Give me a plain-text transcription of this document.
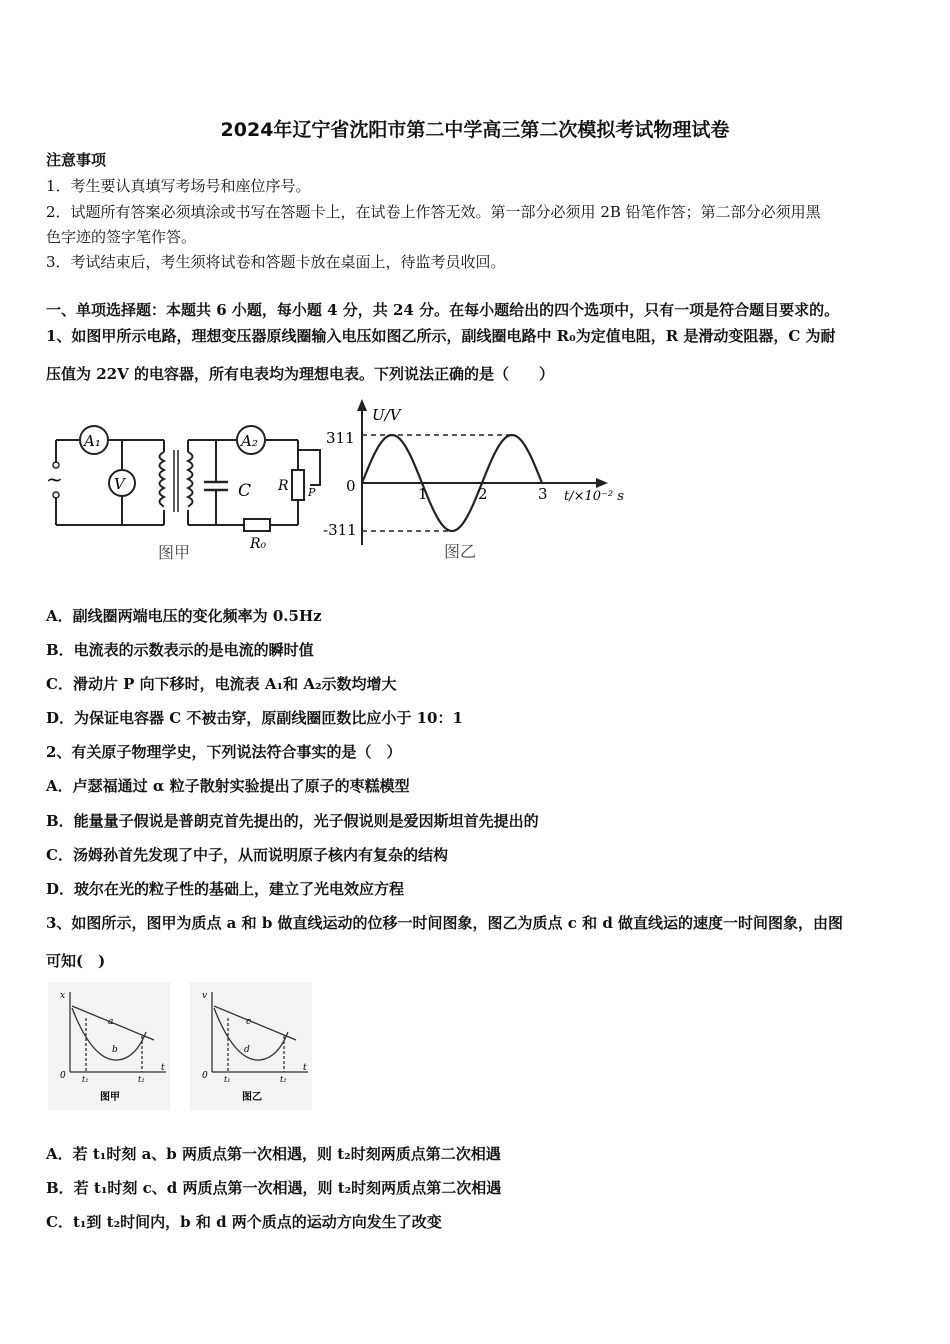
2024年辽宁省沈阳市第二中学高三第二次模拟考试物理试卷
注意事项
1．考生要认真填写考场号和座位序号。
2．试题所有答案必须填涂或书写在答题卡上，在试卷上作答无效。第一部分必须用 2B 铅笔作答；第二部分必须用黑
色字迹的签字笔作答。
3．考试结束后，考生须将试卷和答题卡放在桌面上，待监考员收回。
一、单项选择题：本题共 6 小题，每小题 4 分，共 24 分。在每小题给出的四个选项中，只有一项是符合题目要求的。
1、如图甲所示电路，理想变压器原线圈输入电压如图乙所示，副线圈电路中 R₀为定值电阻，R 是滑动变阻器，C 为耐
压值为 22V 的电容器，所有电表均为理想电表。下列说法正确的是（　　）
~
A₁
V	C
A₂
R P
R₀
图甲
U/V
311
0
-311
1	2	3 t/×10⁻² s
图乙
A．副线圈两端电压的变化频率为 0.5Hz
B．电流表的示数表示的是电流的瞬时值
C．滑动片 P 向下移时，电流表 A₁和 A₂示数均增大
D．为保证电容器 C 不被击穿，原副线圈匝数比应小于 10：1
2、有关原子物理学史，下列说法符合事实的是（　）
A．卢瑟福通过 α 粒子散射实验提出了原子的枣糕模型
B．能量量子假说是普朗克首先提出的，光子假说则是爱因斯坦首先提出的
C．汤姆孙首先发现了中子，从而说明原子核内有复杂的结构
D．玻尔在光的粒子性的基础上，建立了光电效应方程
3、如图所示，图甲为质点 a 和 b 做直线运动的位移一时间图象，图乙为质点 c 和 d 做直线运的速度一时间图象，由图
可知(　)
x
t
0 t₁	t₂
a
b
图甲
v
t
0 t₁	t₂
c
d
图乙
A．若 t₁时刻 a、b 两质点第一次相遇，则 t₂时刻两质点第二次相遇
B．若 t₁时刻 c、d 两质点第一次相遇，则 t₂时刻两质点第二次相遇
C．t₁到 t₂时间内，b 和 d 两个质点的运动方向发生了改变
